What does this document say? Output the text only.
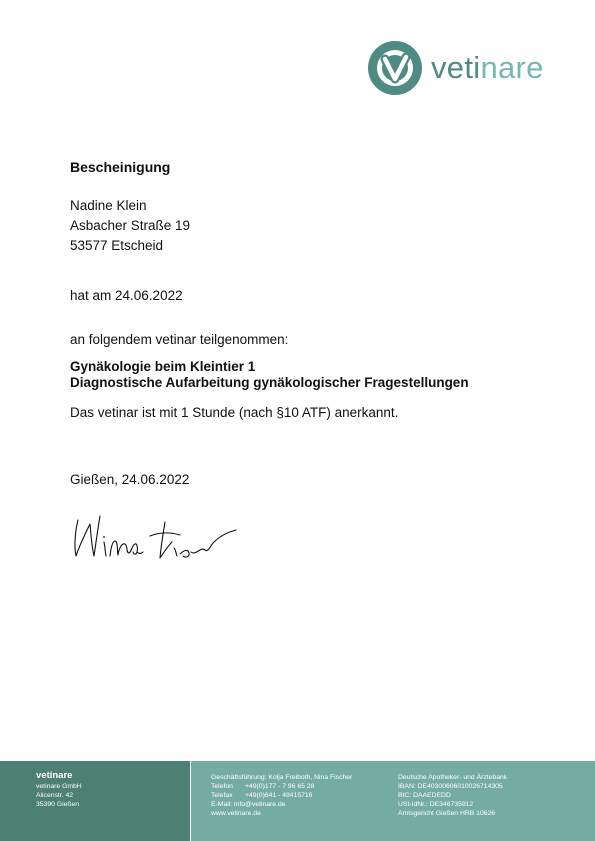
vetinare
Bescheinigung
Nadine Klein
Asbacher Straße 19
53577 Etscheid
hat am 24.06.2022
an folgendem vetinar teilgenommen:
Gynäkologie beim Kleintier 1
Diagnostische Aufarbeitung gynäkologischer Fragestellungen
Das vetinar ist mit 1 Stunde (nach §10 ATF) anerkannt.
Gießen, 24.06.2022
vetinare
vetinare GmbH
Alicenstr. 42
35390 Gießen
Geschäftsführung: Kolja Freiboth, Nina Fischer
Telefon +49(0)177 - 7 96 65 28
Telefax +49(0)641 - 49415716
E-Mail: info@vetinare.de
www.vetinare.de
Deutsche Apotheker- und Ärztebank
IBAN: DE40300606010026714305
BIC: DAAEDEDD
USt-IdNr.: DE346735912
Amtsgericht Gießen HRB 10626
